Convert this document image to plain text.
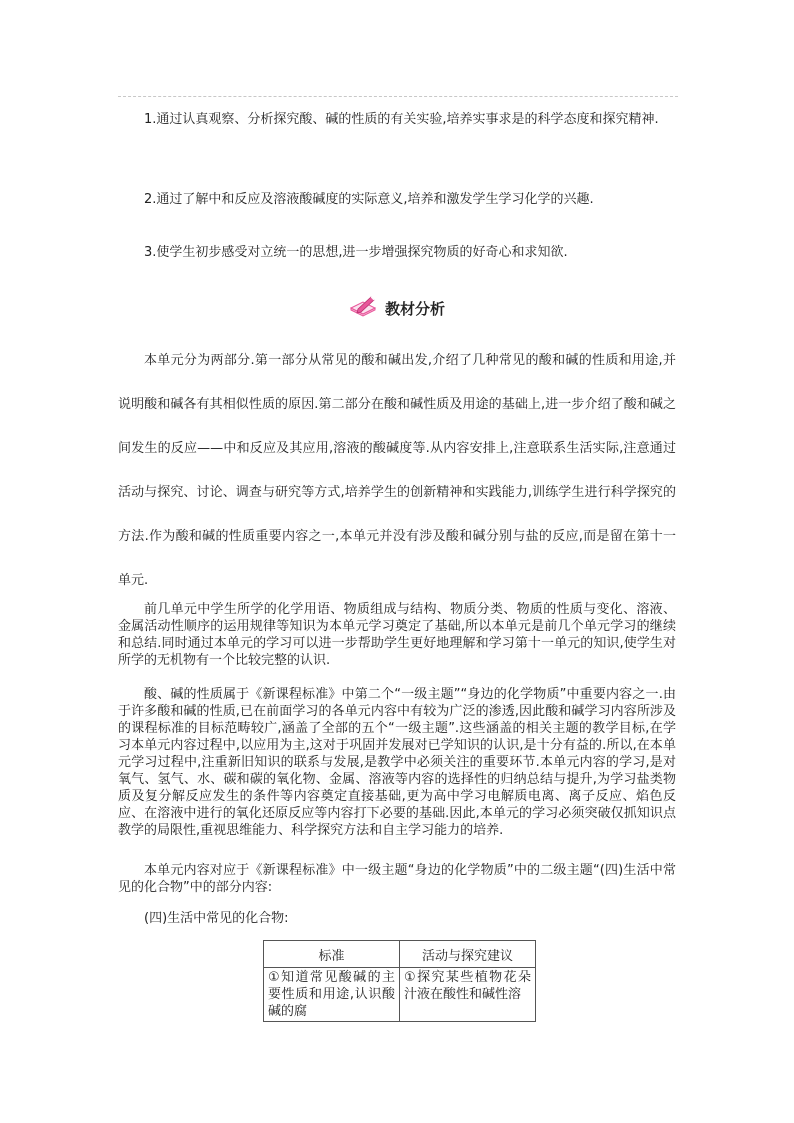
1.通过认真观察、分析探究酸、碱的性质的有关实验,培养实事求是的科学态度和探究精神.

2.通过了解中和反应及溶液酸碱度的实际意义,培养和激发学生学习化学的兴趣.

3.使学生初步感受对立统一的思想,进一步增强探究物质的好奇心和求知欲.

教材分析

本单元分为两部分.第一部分从常见的酸和碱出发,介绍了几种常见的酸和碱的性质和用途,并说明酸和碱各有其相似性质的原因.第二部分在酸和碱性质及用途的基础上,进一步介绍了酸和碱之间发生的反应——中和反应及其应用,溶液的酸碱度等.从内容安排上,注意联系生活实际,注意通过活动与探究、讨论、调查与研究等方式,培养学生的创新精神和实践能力,训练学生进行科学探究的方法.作为酸和碱的性质重要内容之一,本单元并没有涉及酸和碱分别与盐的反应,而是留在第十一单元.

前几单元中学生所学的化学用语、物质组成与结构、物质分类、物质的性质与变化、溶液、金属活动性顺序的运用规律等知识为本单元学习奠定了基础,所以本单元是前几个单元学习的继续和总结.同时通过本单元的学习可以进一步帮助学生更好地理解和学习第十一单元的知识,使学生对所学的无机物有一个比较完整的认识.

酸、碱的性质属于《新课程标准》中第二个“一级主题”“身边的化学物质”中重要内容之一.由于许多酸和碱的性质,已在前面学习的各单元内容中有较为广泛的渗透,因此酸和碱学习内容所涉及的课程标准的目标范畴较广,涵盖了全部的五个“一级主题”.这些涵盖的相关主题的教学目标,在学习本单元内容过程中,以应用为主,这对于巩固并发展对已学知识的认识,是十分有益的.所以,在本单元学习过程中,注重新旧知识的联系与发展,是教学中必须关注的重要环节.本单元内容的学习,是对氧气、氢气、水、碳和碳的氧化物、金属、溶液等内容的选择性的归纳总结与提升,为学习盐类物质及复分解反应发生的条件等内容奠定直接基础,更为高中学习电解质电离、离子反应、焰色反应、在溶液中进行的氧化还原反应等内容打下必要的基础.因此,本单元的学习必须突破仅抓知识点教学的局限性,重视思维能力、科学探究方法和自主学习能力的培养.

本单元内容对应于《新课程标准》中一级主题“身边的化学物质”中的二级主题“(四)生活中常见的化合物”中的部分内容:

(四)生活中常见的化合物:
标准	活动与探究建议
①知道常见酸碱的主要性质和用途,认识酸碱的腐	①探究某些植物花朵汁液在酸性和碱性溶
